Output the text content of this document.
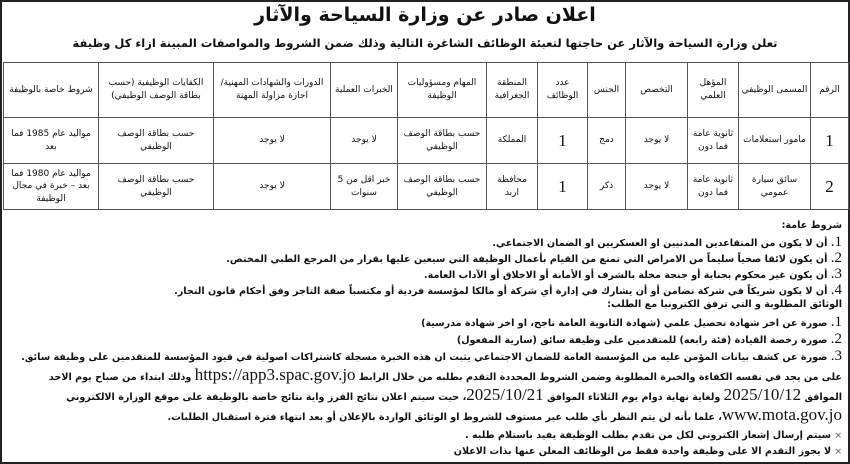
اعلان صادر عن وزارة السياحة والآثار
تعلن وزارة السياحة والآثار عن حاجتها لتعبئة الوظائف الشاغرة التالية وذلك ضمن الشروط والمواصفات المبينة ازاء كل وظيفة
الرقم	المسمى الوظيفي	المؤهل العلمي	التخصص	الجنس	عدد الوظائف	المنطقة الجغرافية	المهام ومسؤوليات الوظيفة	الخبرات العملية	الدورات والشهادات المهنية/اجازة مزاولة المهنة	الكفايات الوظيفية (حسب بطاقة الوصف الوظيفي)	شروط خاصة بالوظيفة
1	مامور استعلامات	ثانوية عامة فما دون	لا يوجد	دمج	1	المملكة	حسب بطاقة الوصف الوظيفي	لا يوجد	لا يوجد	حسب بطاقة الوصف الوظيفي	مواليد عام 1985 فما بعد
2	سائق سيارة عمومي	ثانوية عامة فما دون	لا يوجد	ذكر	1	محافظة اربد	حسب بطاقة الوصف الوظيفي	خبر اقل من 5 سنوات	لا يوجد	حسب بطاقة الوصف الوظيفي	مواليد عام 1980 فما بعد – خبرة في مجال الوظيفة
شروط عامة:
1. أن لا يكون من المتقاعدين المدنيين او العسكريين او الضمان الاجتماعي.
2. أن يكون لائقا صحياً سليماً من الامراض التي تمنع من القيام بأعمال الوظيفة التي سيعين عليها بقرار من المرجع الطبي المختص.
3. أن يكون غير محكوم بجناية أو جنحة مخلة بالشرف أو الأمانة أو الاخلاق أو الآداب العامة.
4. أن لا يكون شريكاً في شركة تضامن أو أن يشارك في إدارة أي شركة أو مالكا لمؤسسة فردية أو مكتسباً صفة التاجر وفق أحكام قانون التجار.
الوثائق المطلوبة و التي ترفق الكترونيا مع الطلب:
1. صورة عن اخر شهادة تحصيل علمي (شهادة الثانوية العامة ناجح، او اخر شهادة مدرسية)
2. صورة رخصة القيادة (فئة رابعه) للمتقدمين على وظيفة سائق (سارية المفعول)
3. صورة عن كشف بيانات المؤمن عليه من المؤسسة العامة للضمان الاجتماعي يثبت ان هذه الخبرة مسجلة كاشتراكات اصولية في قيود المؤسسة للمتقدمين على وظيفة سائق.
على من يجد في نفسه الكفاءة والخبرة المطلوبة وضمن الشروط المحددة التقدم بطلبه من خلال الرابط https://app3.spac.gov.jo وذلك ابتداء من صباح يوم الاحد
الموافق 2025/10/12 ولغاية نهاية دوام يوم الثلاثاء الموافق 2025/10/21، حيث سيتم اعلان نتائج الفرز واية نتائج خاصة بالوظيفة على موقع الوزارة الالكتروني
www.mota.gov.jo، علما بأنه لن يتم النظر بأي طلب غير مستوف للشروط او الوثائق الواردة بالإعلان أو بعد انتهاء فترة استقبال الطلبات.
× سيتم إرسال إشعار الكتروني لكل من تقدم بطلب الوظيفة يفيد باستلام طلبه .
× لا يجوز التقدم الا على وظيفة واحدة فقط من الوظائف المعلن عنها بذات الاعلان
